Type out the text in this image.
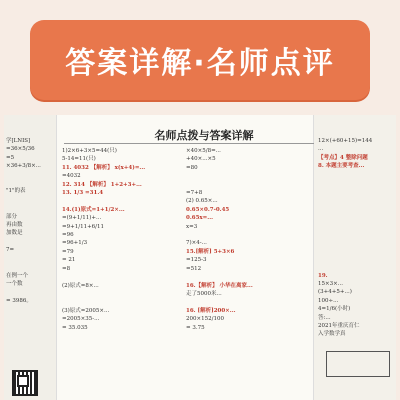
答案详解·名师点评
名师点拨与答案详解
学[LNIS]
=36×5/36
=5
×36+3/8×...

"1"的表

部分
再由数
加数是

7=

在例一个
一个数

= 3986。

1)2×6+3×5=44(只)
5-14=11(只)
11. 4032 【解析】 x(x+4)=...
=4032
12. 314 【解析】 1+2+3+...
13. 1/3 =31.4

14.(1)原式=1+1/2×...
=(9+1/11)+...
=9+1/11+6/11
=96
=96+1/3
=79
= 21
=8

(2)原式=8×...

(3)原式=2005×...
=2005×35-...
= 35.035
×40×5/8=...
+40×...×5
=80

=7+8
(2) 0.65×...
0.65×0.7-0.45
0.65x=...
x=3

7)×4-...
15.[解析] 5+3×6
=125-3
=512

16.【解析】 小华在离家...
走了5000米...

16. [解析]200×...
200×152/100
= 3.75
12×(+60+15)=144
...
【考点】4 整除问题
8. 本题主要考查...

19.
15×3×...
(3+4+5+...)
100÷...
4=1/6(小时)
答:...
2021年重庆育仁
入学数学真
